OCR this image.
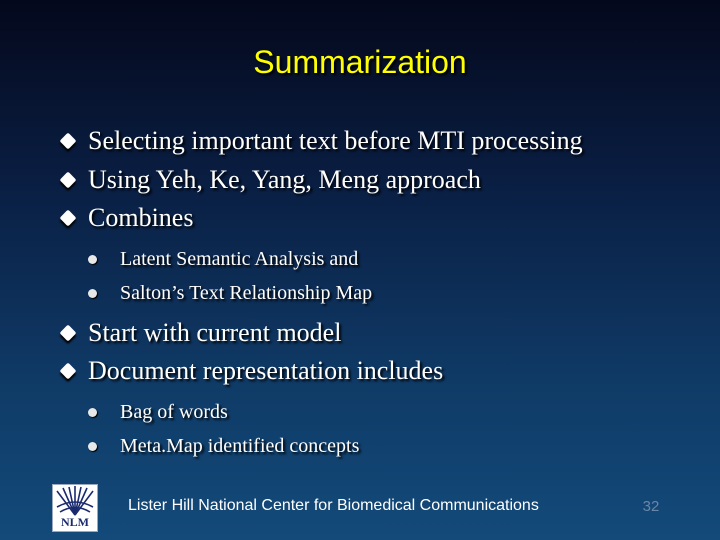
Summarization
Selecting important text before MTI processing
Using Yeh, Ke, Yang, Meng approach
Combines
Latent Semantic Analysis and
Salton’s Text Relationship Map
Start with current model
Document representation includes
Bag of words
Meta.Map identified concepts
NLM
Lister Hill National Center for Biomedical Communications	32
